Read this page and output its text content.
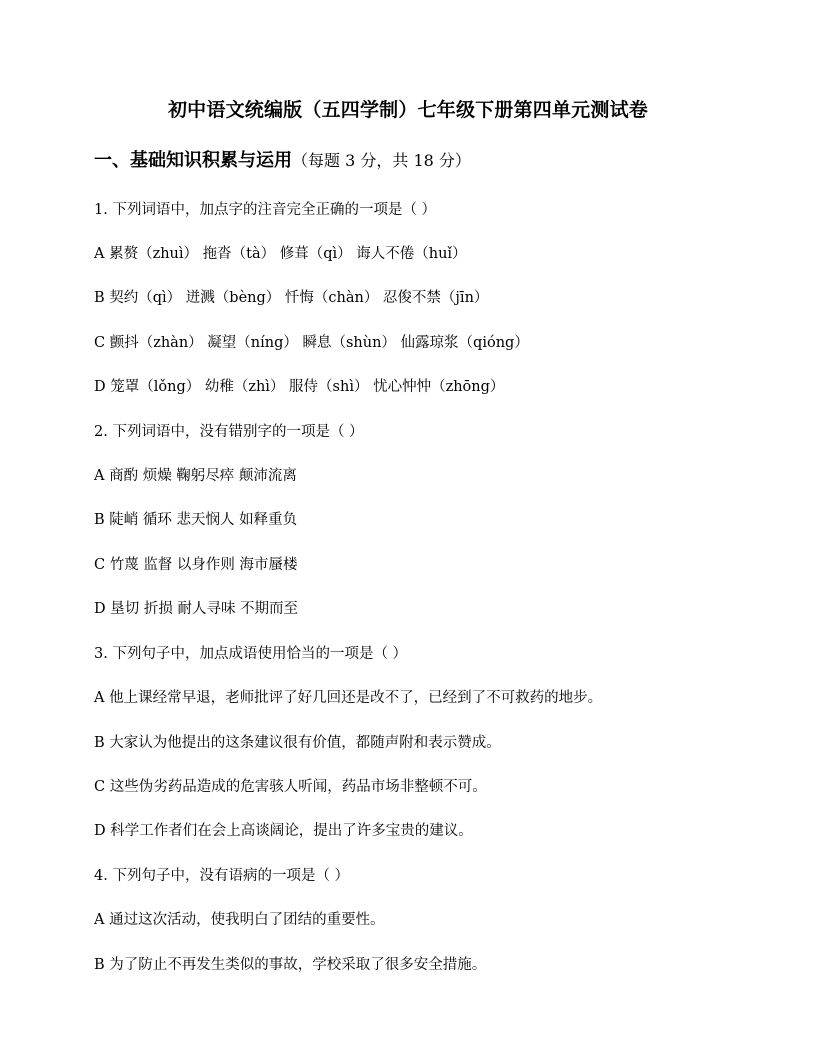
初中语文统编版（五四学制）七年级下册第四单元测试卷
一、基础知识积累与运用（每题 3 分，共 18 分）
1. 下列词语中，加点字的注音完全正确的一项是（ ）
A 累赘（zhuì） 拖沓（tà） 修葺（qì） 诲人不倦（huǐ）
B 契约（qì） 迸溅（bèng） 忏悔（chàn） 忍俊不禁（jīn）
C 颤抖（zhàn） 凝望（níng） 瞬息（shùn） 仙露琼浆（qióng）
D 笼罩（lǒng） 幼稚（zhì） 服侍（shì） 忧心忡忡（zhōng）
2. 下列词语中，没有错别字的一项是（ ）
A 商酌 烦燥 鞠躬尽瘁 颠沛流离
B 陡峭 循环 悲天悯人 如释重负
C 竹蔑 监督 以身作则 海市蜃楼
D 垦切 折损 耐人寻味 不期而至
3. 下列句子中，加点成语使用恰当的一项是（ ）
A 他上课经常早退，老师批评了好几回还是改不了，已经到了不可救药的地步。
B 大家认为他提出的这条建议很有价值，都随声附和表示赞成。
C 这些伪劣药品造成的危害骇人听闻，药品市场非整顿不可。
D 科学工作者们在会上高谈阔论，提出了许多宝贵的建议。
4. 下列句子中，没有语病的一项是（ ）
A 通过这次活动，使我明白了团结的重要性。
B 为了防止不再发生类似的事故，学校采取了很多安全措施。
